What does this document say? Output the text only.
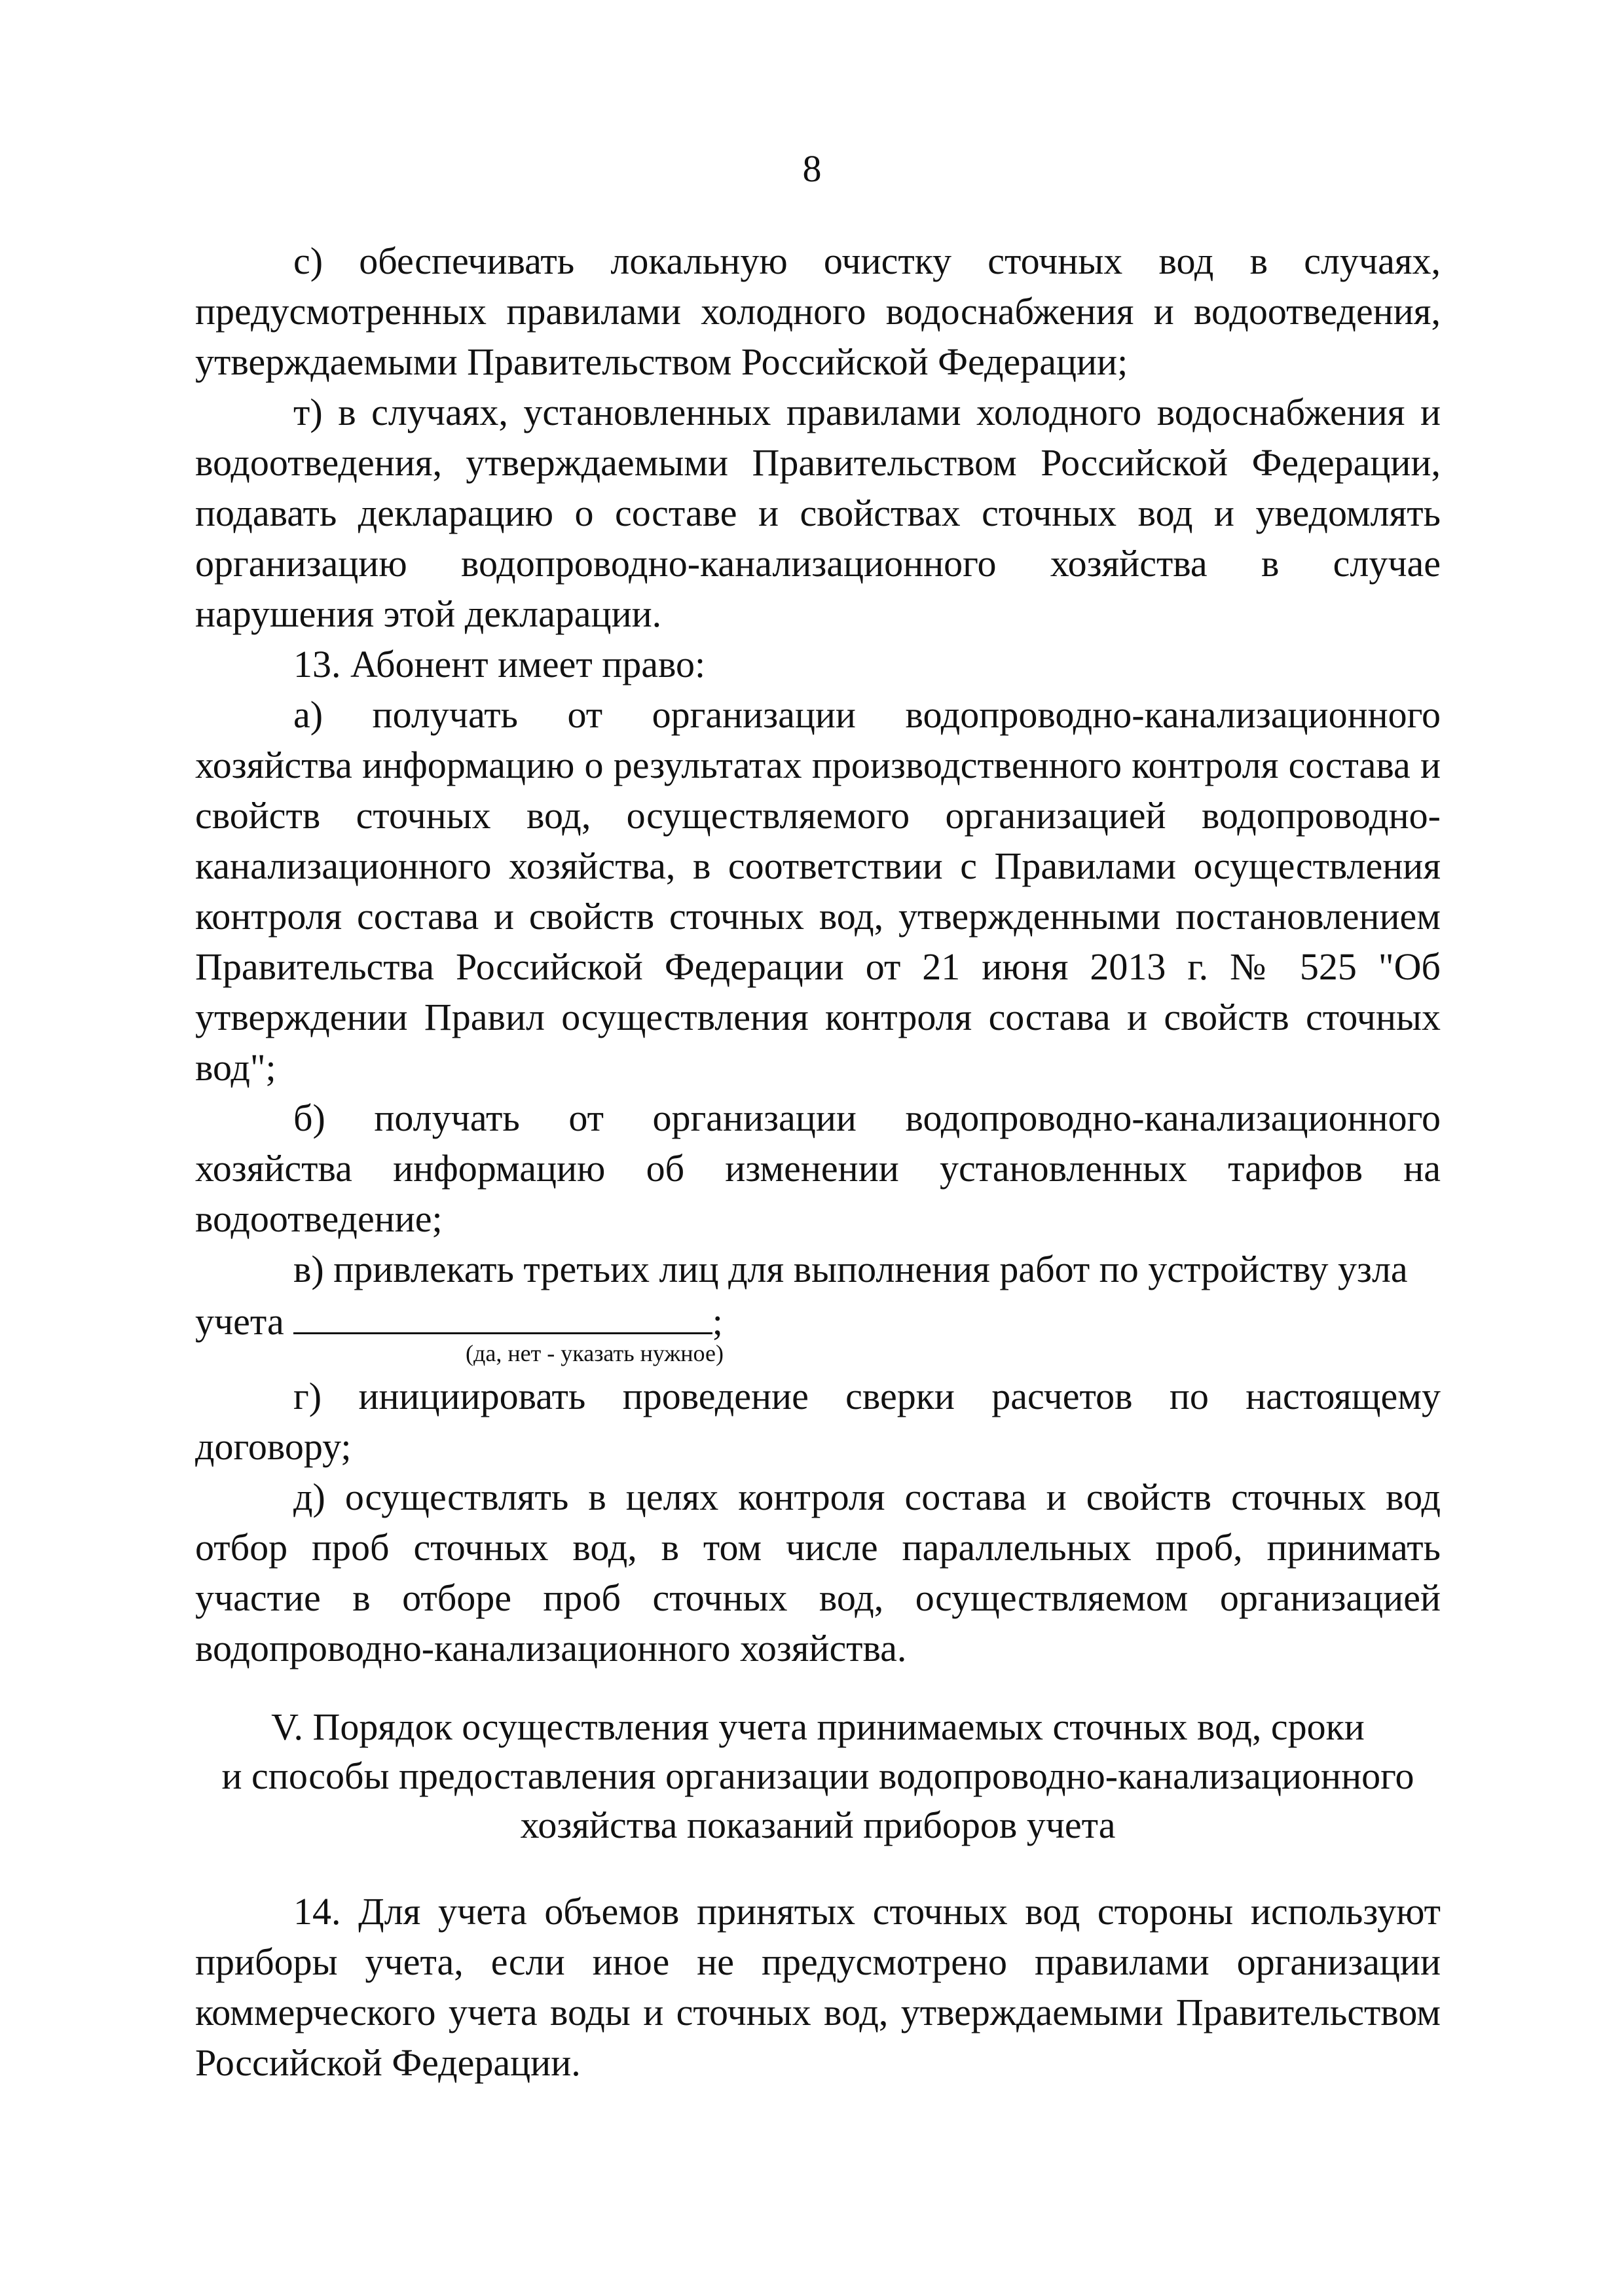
8

с) обеспечивать локальную очистку сточных вод в случаях, предусмотренных правилами холодного водоснабжения и водоотведения, утверждаемыми Правительством Российской Федерации;

т) в случаях, установленных правилами холодного водоснабжения и водоотведения, утверждаемыми Правительством Российской Федерации, подавать декларацию о составе и свойствах сточных вод и уведомлять организацию водопроводно-канализационного хозяйства в случае нарушения этой декларации.

13. Абонент имеет право:

а) получать от организации водопроводно-канализационного хозяйства информацию о результатах производственного контроля состава и свойств сточных вод, осуществляемого организацией водопроводно-канализационного хозяйства, в соответствии с Правилами осуществления контроля состава и свойств сточных вод, утвержденными постановлением Правительства Российской Федерации от 21 июня 2013 г. № 525 "Об утверждении Правил осуществления контроля состава и свойств сточных вод";

б) получать от организации водопроводно-канализационного хозяйства информацию об изменении установленных тарифов на водоотведение;

в) привлекать третьих лиц для выполнения работ по устройству узла

учета	;
(да, нет - указать нужное)

г) инициировать проведение сверки расчетов по настоящему договору;

д) осуществлять в целях контроля состава и свойств сточных вод отбор проб сточных вод, в том числе параллельных проб, принимать участие в отборе проб сточных вод, осуществляемом организацией водопроводно-канализационного хозяйства.

V. Порядок осуществления учета принимаемых сточных вод, сроки

и способы предоставления организации водопроводно-канализационного

хозяйства показаний приборов учета

14. Для учета объемов принятых сточных вод стороны используют приборы учета, если иное не предусмотрено правилами организации коммерческого учета воды и сточных вод, утверждаемыми Правительством Российской Федерации.
